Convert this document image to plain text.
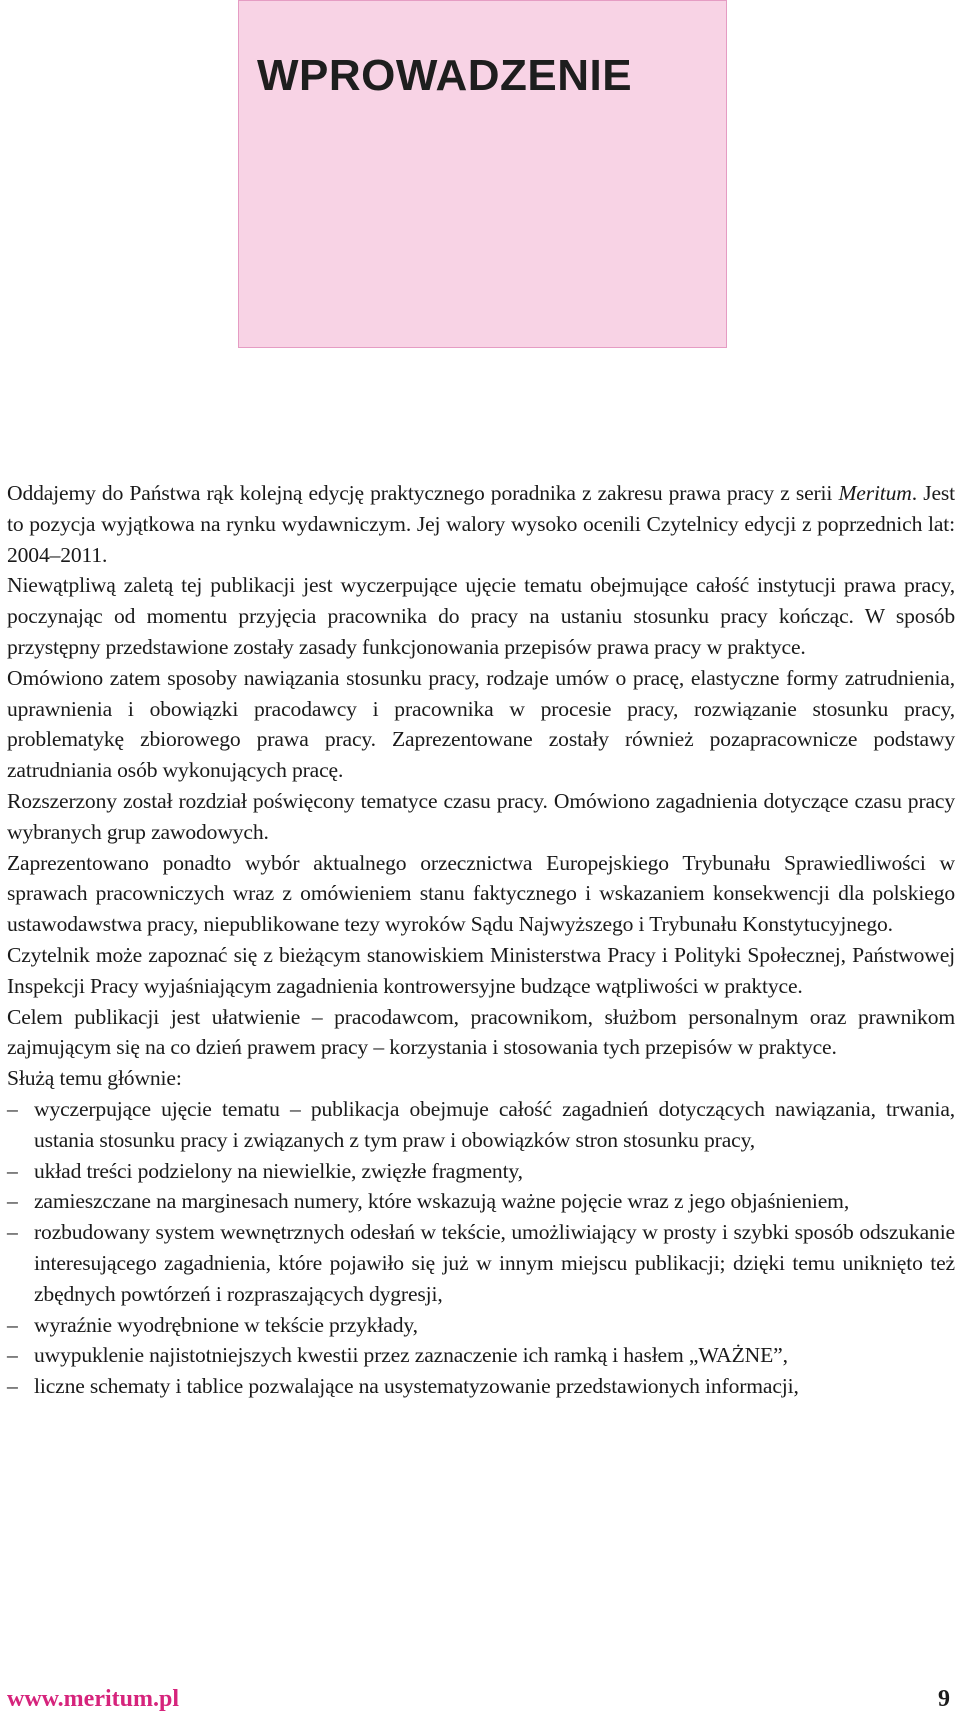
WPROWADZENIE

Oddajemy do Państwa rąk kolejną edycję praktycznego poradnika z zakresu prawa pracy z serii Meritum. Jest to pozycja wyjątkowa na rynku wydawniczym. Jej walory wysoko ocenili Czytelnicy edycji z poprzednich lat: 2004–2011.

Niewątpliwą zaletą tej publikacji jest wyczerpujące ujęcie tematu obejmujące całość instytucji prawa pracy, poczynając od momentu przyjęcia pracownika do pracy na ustaniu stosunku pracy kończąc. W sposób przystępny przedstawione zostały zasady funkcjonowania przepisów prawa pracy w praktyce.

Omówiono zatem sposoby nawiązania stosunku pracy, rodzaje umów o pracę, elastyczne formy zatrudnienia, uprawnienia i obowiązki pracodawcy i pracownika w procesie pracy, rozwiązanie stosunku pracy, problematykę zbiorowego prawa pracy. Zaprezentowane zostały również pozapracownicze podstawy zatrudniania osób wykonujących pracę.

Rozszerzony został rozdział poświęcony tematyce czasu pracy. Omówiono zagadnienia dotyczące czasu pracy wybranych grup zawodowych.

Zaprezentowano ponadto wybór aktualnego orzecznictwa Europejskiego Trybunału Sprawiedliwości w sprawach pracowniczych wraz z omówieniem stanu faktycznego i wskazaniem konsekwencji dla polskiego ustawodawstwa pracy, niepublikowane tezy wyroków Sądu Najwyższego i Trybunału Konstytucyjnego.

Czytelnik może zapoznać się z bieżącym stanowiskiem Ministerstwa Pracy i Polityki Społecznej, Państwowej Inspekcji Pracy wyjaśniającym zagadnienia kontrowersyjne budzące wątpliwości w praktyce.

Celem publikacji jest ułatwienie – pracodawcom, pracownikom, służbom personalnym oraz prawnikom zajmującym się na co dzień prawem pracy – korzystania i stosowania tych przepisów w praktyce.

Służą temu głównie:

– wyczerpujące ujęcie tematu – publikacja obejmuje całość zagadnień dotyczących nawiązania, trwania, ustania stosunku pracy i związanych z tym praw i obowiązków stron stosunku pracy,
– układ treści podzielony na niewielkie, zwięzłe fragmenty,
– zamieszczane na marginesach numery, które wskazują ważne pojęcie wraz z jego objaśnieniem,
– rozbudowany system wewnętrznych odesłań w tekście, umożliwiający w prosty i szybki sposób odszukanie interesującego zagadnienia, które pojawiło się już w innym miejscu publikacji; dzięki temu uniknięto też zbędnych powtórzeń i rozpraszających dygresji,
– wyraźnie wyodrębnione w tekście przykłady,
– uwypuklenie najistotniejszych kwestii przez zaznaczenie ich ramką i hasłem „WAŻNE”,
– liczne schematy i tablice pozwalające na usystematyzowanie przedstawionych informacji,
www.meritum.pl	9
